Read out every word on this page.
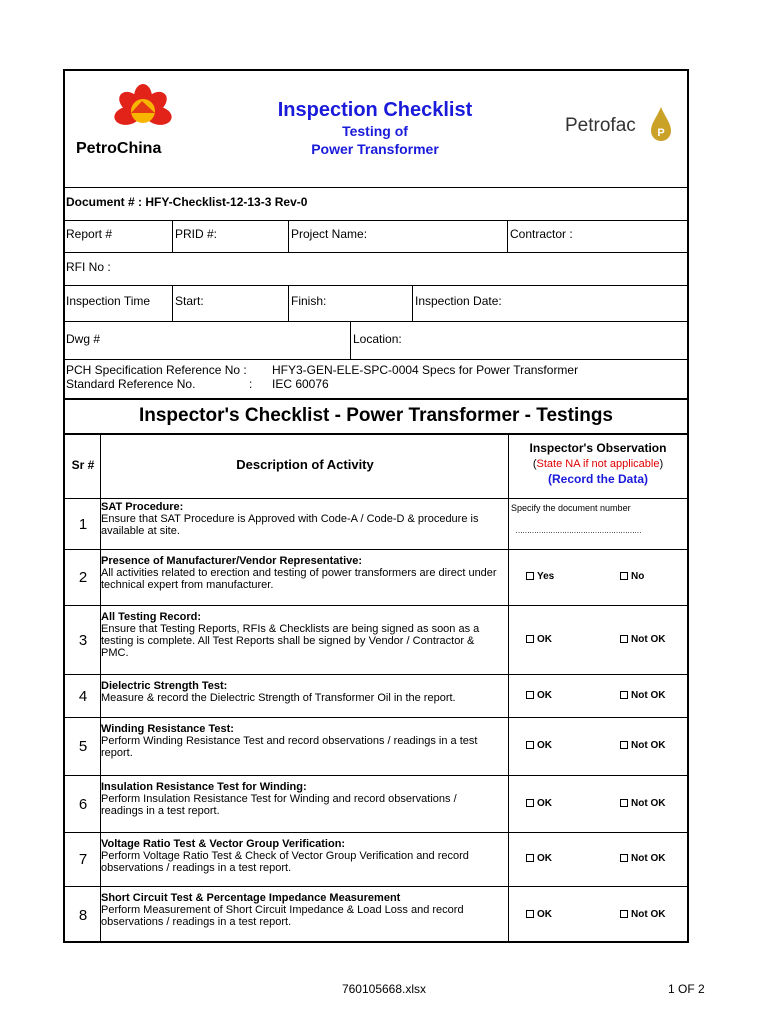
PetroChina
Inspection Checklist
Testing of
Power Transformer
Petrofac P
Document # : HFY-Checklist-12-13-3 Rev-0
Report #	PRID #:	Project Name:	Contractor :
RFI No :
Inspection Time Start:	Finish:	Inspection Date:
Dwg #	Location:
PCH Specification Reference No : HFY3-GEN-ELE-SPC-0004 Specs for Power Transformer
Standard Reference No.	: IEC 60076
Inspector's Checklist - Power Transformer - Testings
Sr #	Description of Activity
Inspector's Observation
(State NA if not applicable)
(Record the Data)
1
SAT Procedure:
Ensure that SAT Procedure is Approved with Code-A / Code-D & procedure is available at site.
Specify the document number
………………………………………………
2
Presence of Manufacturer/Vendor Representative:
All activities related to erection and testing of power transformers are direct under technical expert from manufacturer.
Yes	No
3
All Testing Record:
Ensure that Testing Reports, RFIs & Checklists are being signed as soon as a testing is complete. All Test Reports shall be signed by Vendor / Contractor & PMC.
OK	Not OK
4
Dielectric Strength Test:
Measure & record the Dielectric Strength of Transformer Oil in the report.	OK	Not OK
5
Winding Resistance Test:
Perform Winding Resistance Test and record observations / readings in a test report.
OK	Not OK
6
Insulation Resistance Test for Winding:
Perform Insulation Resistance Test for Winding and record observations / readings in a test report.
OK	Not OK
7
Voltage Ratio Test & Vector Group Verification:
Perform Voltage Ratio Test & Check of Vector Group Verification and record observations / readings in a test report.
OK	Not OK
8
Short Circuit Test & Percentage Impedance Measurement
Perform Measurement of Short Circuit Impedance & Load Loss and record observations / readings in a test report.
OK	Not OK
760105668.xlsx	1 OF 2
